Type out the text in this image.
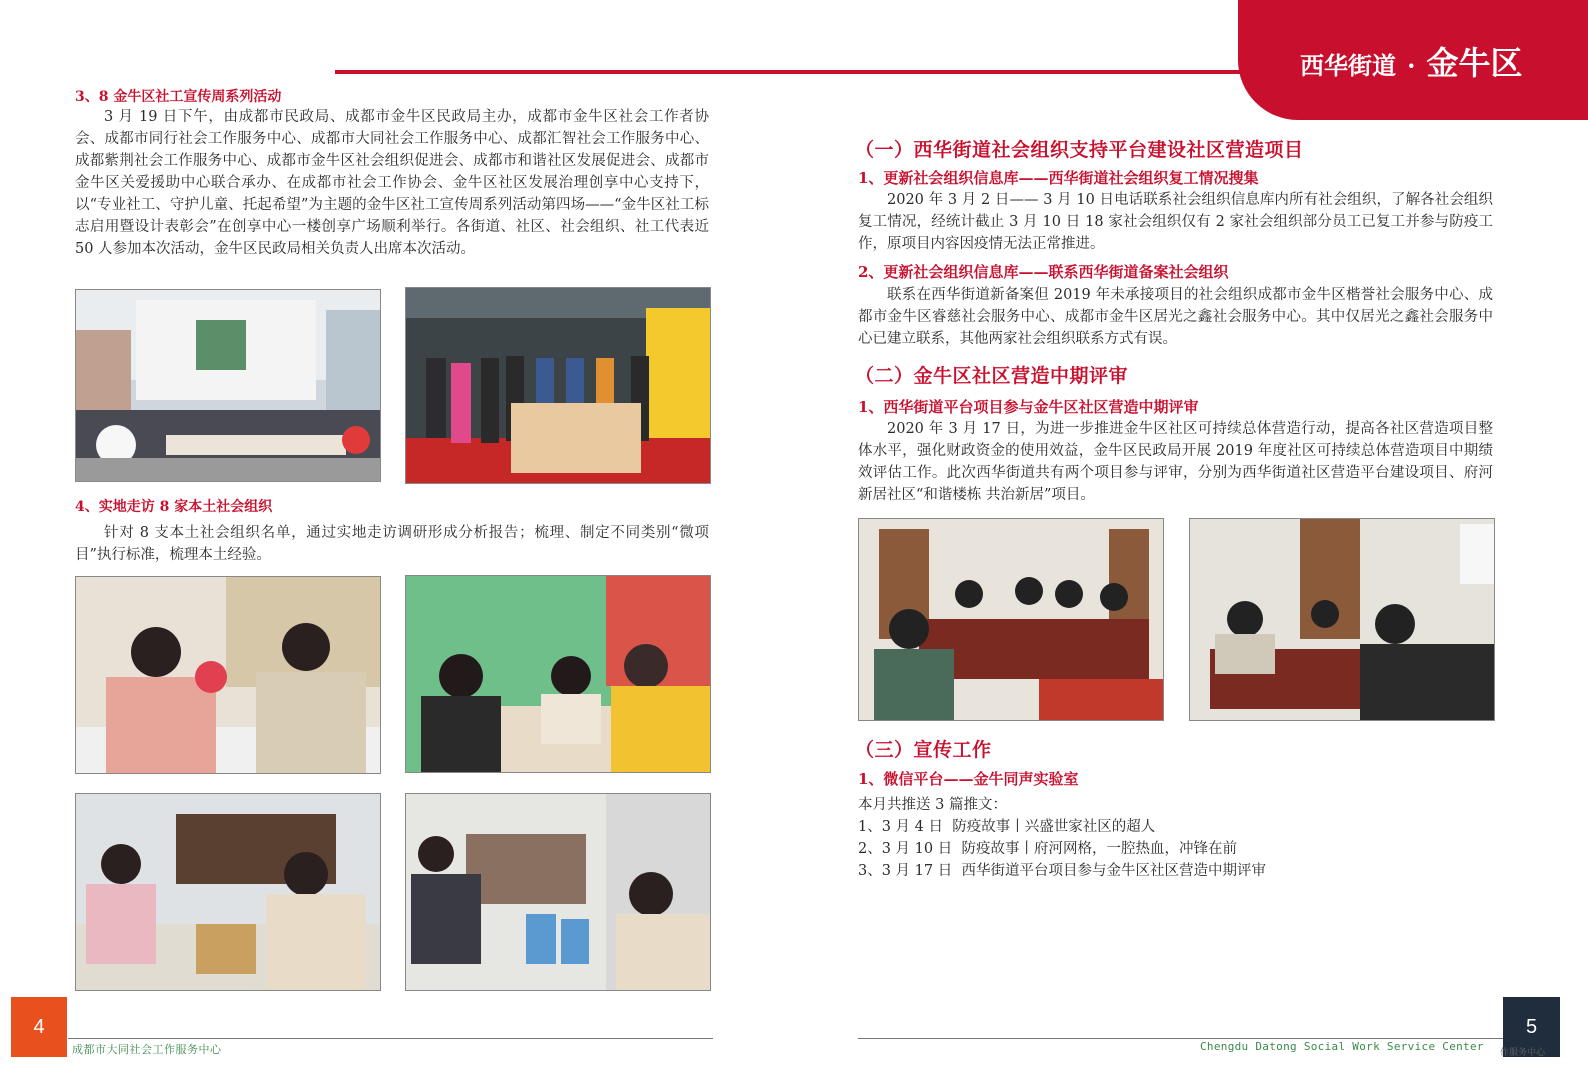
西华街道 · 金牛区
3、8 金牛区社工宣传周系列活动
3 月 19 日下午，由成都市民政局、成都市金牛区民政局主办，成都市金牛区社会工作者协会、成都市同行社会工作服务中心、成都市大同社会工作服务中心、成都汇智社会工作服务中心、成都紫荆社会工作服务中心、成都市金牛区社会组织促进会、成都市和谐社区发展促进会、成都市金牛区关爱援助中心联合承办、在成都市社会工作协会、金牛区社区发展治理创享中心支持下，以“专业社工、守护儿童、托起希望”为主题的金牛区社工宣传周系列活动第四场——“金牛区社工标志启用暨设计表彰会”在创享中心一楼创享广场顺利举行。各街道、社区、社会组织、社工代表近 50 人参加本次活动，金牛区民政局相关负责人出席本次活动。
4、实地走访 8 家本土社会组织
针对 8 支本土社会组织名单，通过实地走访调研形成分析报告；梳理、制定不同类别“微项目”执行标准，梳理本土经验。
（一）西华街道社会组织支持平台建设社区营造项目
1、更新社会组织信息库——西华街道社会组织复工情况搜集
2020 年 3 月 2 日—— 3 月 10 日电话联系社会组织信息库内所有社会组织，了解各社会组织复工情况，经统计截止 3 月 10 日 18 家社会组织仅有 2 家社会组织部分员工已复工并参与防疫工作，原项目内容因疫情无法正常推进。
2、更新社会组织信息库——联系西华街道备案社会组织
联系在西华街道新备案但 2019 年未承接项目的社会组织成都市金牛区楷誉社会服务中心、成都市金牛区睿慈社会服务中心、成都市金牛区居光之鑫社会服务中心。其中仅居光之鑫社会服务中心已建立联系，其他两家社会组织联系方式有误。
（二）金牛区社区营造中期评审
1、西华街道平台项目参与金牛区社区营造中期评审
2020 年 3 月 17 日，为进一步推进金牛区社区可持续总体营造行动，提高各社区营造项目整体水平，强化财政资金的使用效益，金牛区民政局开展 2019 年度社区可持续总体营造项目中期绩效评估工作。此次西华街道共有两个项目参与评审，分别为西华街道社区营造平台建设项目、府河新居社区“和谐楼栋 共治新居”项目。
（三）宣传工作
1、微信平台——金牛同声实验室
本月共推送 3 篇推文：
1、3 月 4 日  防疫故事丨兴盛世家社区的超人
2、3 月 10 日  防疫故事丨府河网格，一腔热血，冲锋在前
3、3 月 17 日  西华街道平台项目参与金牛区社区营造中期评审
4
成都市大同社会工作服务中心	Chengdu Datong Social Work Service Center
5
作服务中心
